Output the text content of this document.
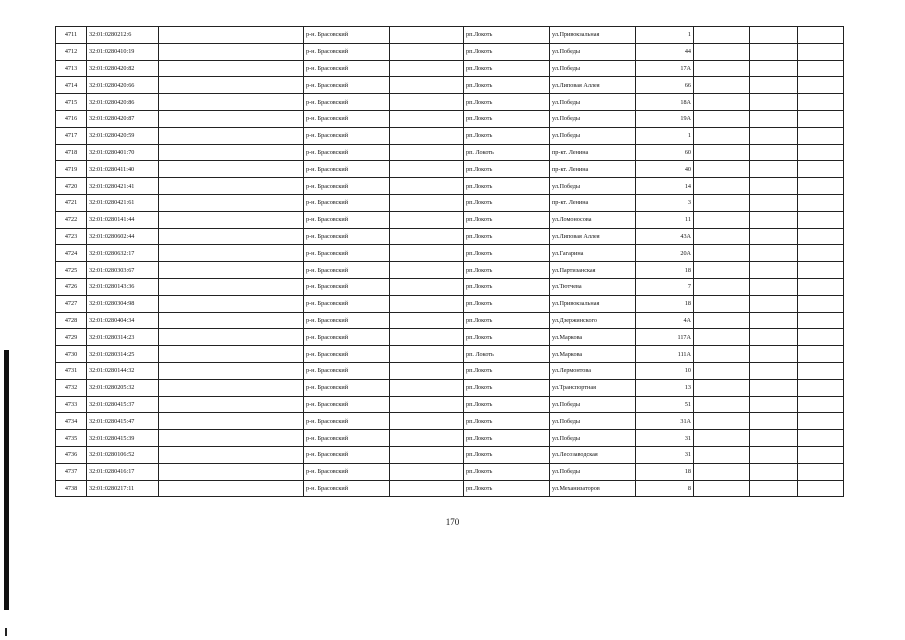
4711	32:01:0280212:6		р-н. Брасовский		рп.Локоть	ул.Привокзальная	1			
4712	32:01:0280410:19		р-н. Брасовский		рп.Локоть	ул.Победы	44			
4713	32:01:0280420:82		р-н. Брасовский		рп.Локоть	ул.Победы	17А			
4714	32:01:0280420:66		р-н. Брасовский		рп.Локоть	ул.Липовая Аллея	66			
4715	32:01:0280420:86		р-н. Брасовский		рп.Локоть	ул.Победы	18А			
4716	32:01:0280420:87		р-н. Брасовский		рп.Локоть	ул.Победы	19А			
4717	32:01:0280420:59		р-н. Брасовский		рп.Локоть	ул.Победы	1			
4718	32:01:0280401:70		р-н. Брасовский		рп. Локоть	пр-кт. Ленина	60			
4719	32:01:0280411:40		р-н. Брасовский		рп.Локоть	пр-кт. Ленина	40			
4720	32:01:0280421:41		р-н. Брасовский		рп.Локоть	ул.Победы	14			
4721	32:01:0280421:61		р-н. Брасовский		рп.Локоть	пр-кт. Ленина	3			
4722	32:01:0280141:44		р-н. Брасовский		рп.Локоть	ул.Ломоносова	11			
4723	32:01:0280602:44		р-н. Брасовский		рп.Локоть	ул.Липовая Аллея	43А			
4724	32:01:0280632:17		р-н. Брасовский		рп.Локоть	ул.Гагарина	20А			
4725	32:01:0280303:67		р-н. Брасовский		рп.Локоть	ул.Партизанская	18			
4726	32:01:0280143:36		р-н. Брасовский		рп.Локоть	ул.Тютчева	7			
4727	32:01:0280304:98		р-н. Брасовский		рп.Локоть	ул.Привокзальная	18			
4728	32:01:0280404:34		р-н. Брасовский		рп.Локоть	ул.Дзержинского	4А			
4729	32:01:0280314:23		р-н. Брасовский		рп.Локоть	ул.Маркова	117А			
4730	32:01:0280314:25		р-н. Брасовский		рп. Локоть	ул.Маркова	111А			
4731	32:01:0280144:32		р-н. Брасовский		рп.Локоть	ул.Лермонтова	10			
4732	32:01:0280205:32		р-н. Брасовский		рп.Локоть	ул.Транспортная	13			
4733	32:01:0280415:37		р-н. Брасовский		рп.Локоть	ул.Победы	51			
4734	32:01:0280415:47		р-н. Брасовский		рп.Локоть	ул.Победы	31А			
4735	32:01:0280415:39		р-н. Брасовский		рп.Локоть	ул.Победы	31			
4736	32:01:0280106:52		р-н. Брасовский		рп.Локоть	ул.Лесозаводская	31			
4737	32:01:0280416:17		р-н. Брасовский		рп.Локоть	ул.Победы	18			
4738	32:01:0280217:11		р-н. Брасовский		рп.Локоть	ул.Механизаторов	8			
170
